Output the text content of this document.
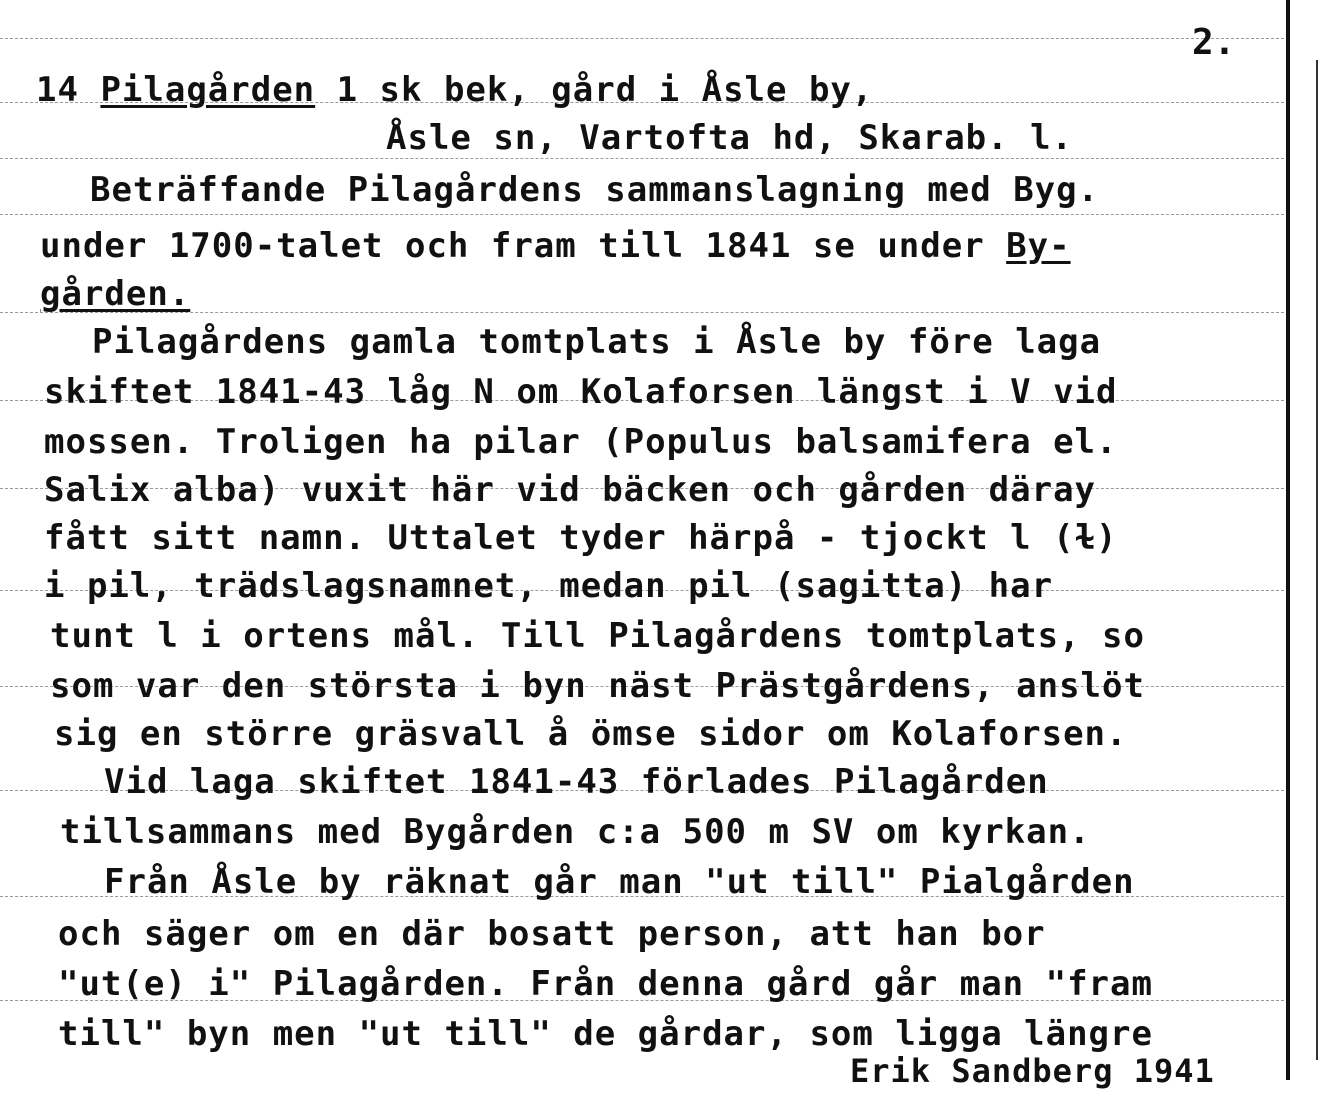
2.
14 Pilagården 1 sk bek, gård i Åsle by,
Åsle sn, Vartofta hd, Skarab. l.
Beträffande Pilagårdens sammanslagning med Byg.
under 1700-talet och fram till 1841 se under By-
gården.
Pilagårdens gamla tomtplats i Åsle by före laga
skiftet 1841-43 låg N om Kolaforsen längst i V vid
mossen. Troligen ha pilar (Populus balsamifera el.
Salix alba) vuxit här vid bäcken och gården däray
fått sitt namn. Uttalet tyder härpå - tjockt l (ɫ)
i pil, trädslagsnamnet, medan pil (sagitta) har
tunt l i ortens mål. Till Pilagårdens tomtplats, so
som var den största i byn näst Prästgårdens, anslöt
sig en större gräsvall å ömse sidor om Kolaforsen.
Vid laga skiftet 1841-43 förlades Pilagården
tillsammans med Bygården c:a 500 m SV om kyrkan.
Från Åsle by räknat går man "ut till" Pialgården
och säger om en där bosatt person, att han bor
"ut(e) i" Pilagården. Från denna gård går man "fram
till" byn men "ut till" de gårdar, som ligga längre
Erik Sandberg 1941
